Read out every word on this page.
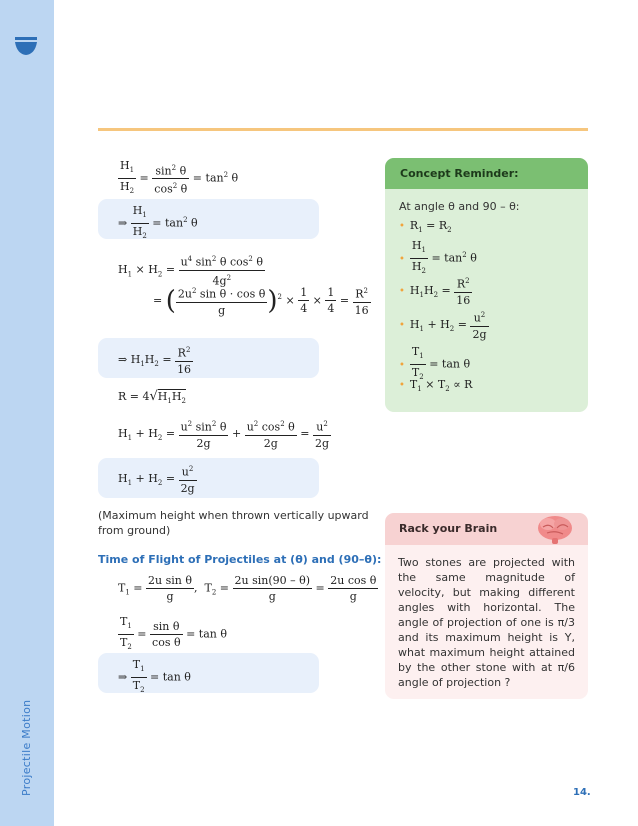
Projectile Motion
$\frac{H_1}{H_2} = \frac{\sin^2 \theta}{\cos^2 \theta} = \tan^2 \theta$
⇒ $\frac{H_1}{H_2} = \tan^2 \theta$
$H_1 \times H_2 = \frac{u^4 \sin^2 \theta \cos^2 \theta}{4g^2}$
= ( $\frac{2u^2 \sin \theta \cdot \cos \theta}{g} )^2 \times \frac{1}{4} \times \frac{1}{4} = \frac{R^2}{16}$
⇒ $H_1H_2 = \frac{R^2}{16}$
$R = 4√H_1H_2$
$H_1 + H_2 = \frac{u^2 \sin^2 \theta}{2g} + \frac{u^2 \cos^2 \theta}{2g} = \frac{u^2}{2g}$
$H_1 + H_2 = \frac{u^2}{2g}$
(Maximum height when thrown vertically upward from ground)
Time of Flight of Projectiles at (θ) and (90–θ):
$T_1 = \frac{\text{2u sin θ}}{g}$ ,  $T_2 = \frac{\text{2u sin(90 – θ)}}{g} = \frac{\text{2u cos θ}}{g}$
$\frac{T_1}{T_2} = \frac{\text{sin θ}}{\text{cos θ}} = \tan \theta$
⇒ $\frac{T_1}{T_2} = \tan \theta$
Concept Reminder:
At angle θ and 90 – θ:
• $R_1 = R_2$
• $\frac{H_1}{H_2} = \tan^2 \theta$
• $H_1H_2 = \frac{R^2}{16}$
• $H_1 + H_2 = \frac{u^2}{2g}$
• $\frac{T_1}{T_2} = \tan \theta$
• $T_1 \times T_2 \propto R$
Rack your Brain
Two stones are projected with the same magnitude of velocity, but making different angles with horizontal. The angle of projection of one is π/3 and its maximum height is Y, what maximum height attained by the other stone with at π/6 angle of projection ?
14.
